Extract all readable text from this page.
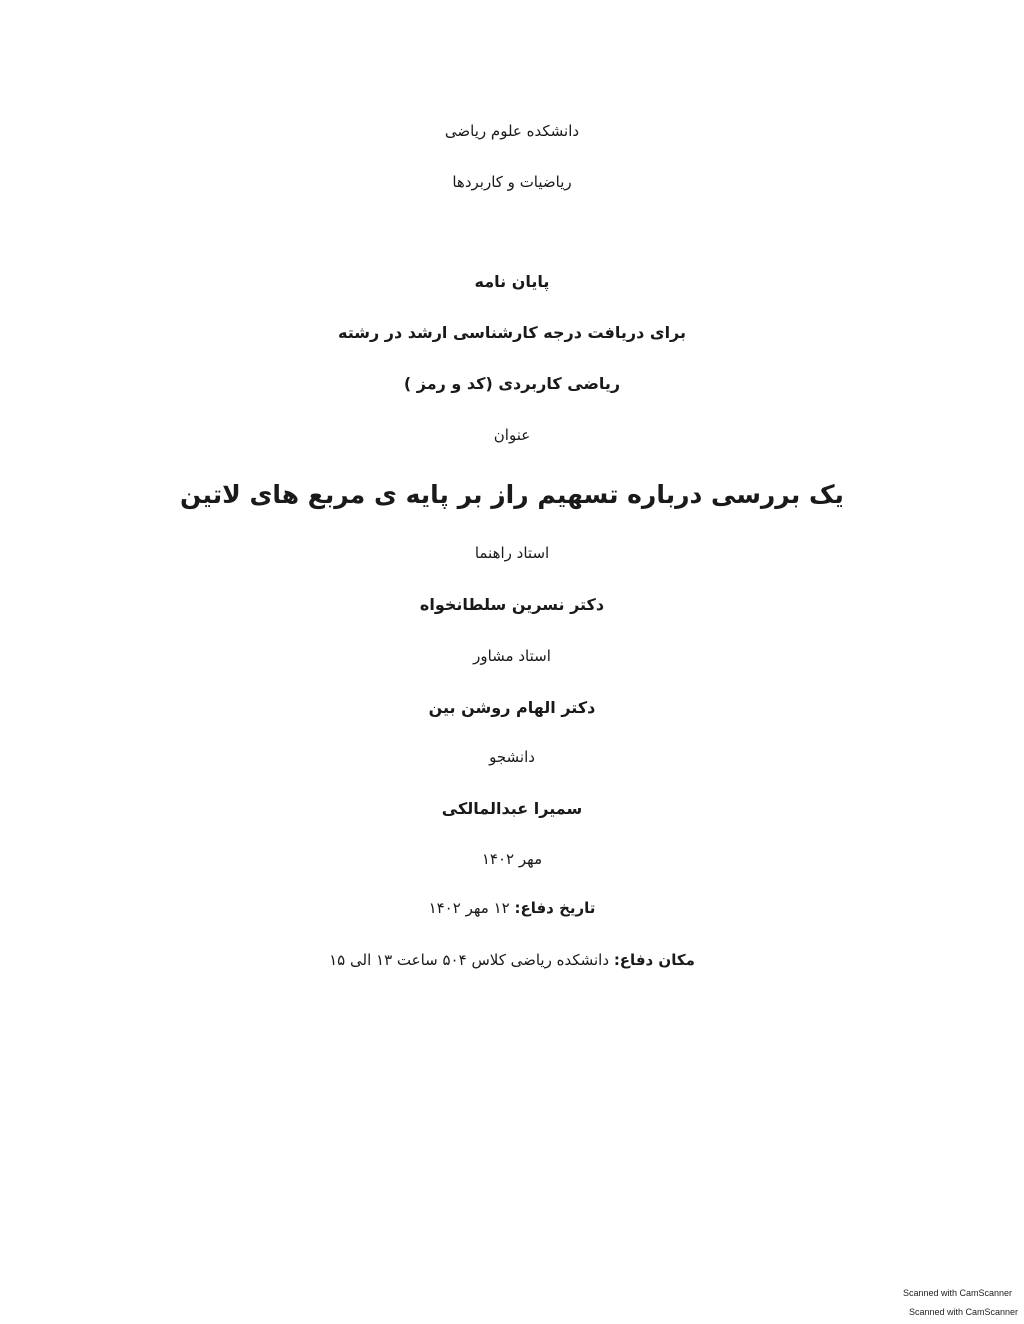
دانشکده علوم ریاضی
ریاضیات و کاربردها
پایان نامه
برای دریافت درجه کارشناسی ارشد در رشته
ریاضی کاربردی (کد و رمز )
عنوان
یک بررسی درباره تسهیم راز بر پایه ی مربع های لاتین
استاد راهنما
دکتر نسرین سلطانخواه
استاد مشاور
دکتر الهام روشن بین
دانشجو
سمیرا عبدالمالکی
مهر ۱۴۰۲
تاریخ دفاع: ۱۲ مهر ۱۴۰۲
مکان دفاع: دانشکده ریاضی کلاس ۵۰۴ ساعت ۱۳ الی ۱۵
Scanned with CamScanner
Scanned with CamScanner
